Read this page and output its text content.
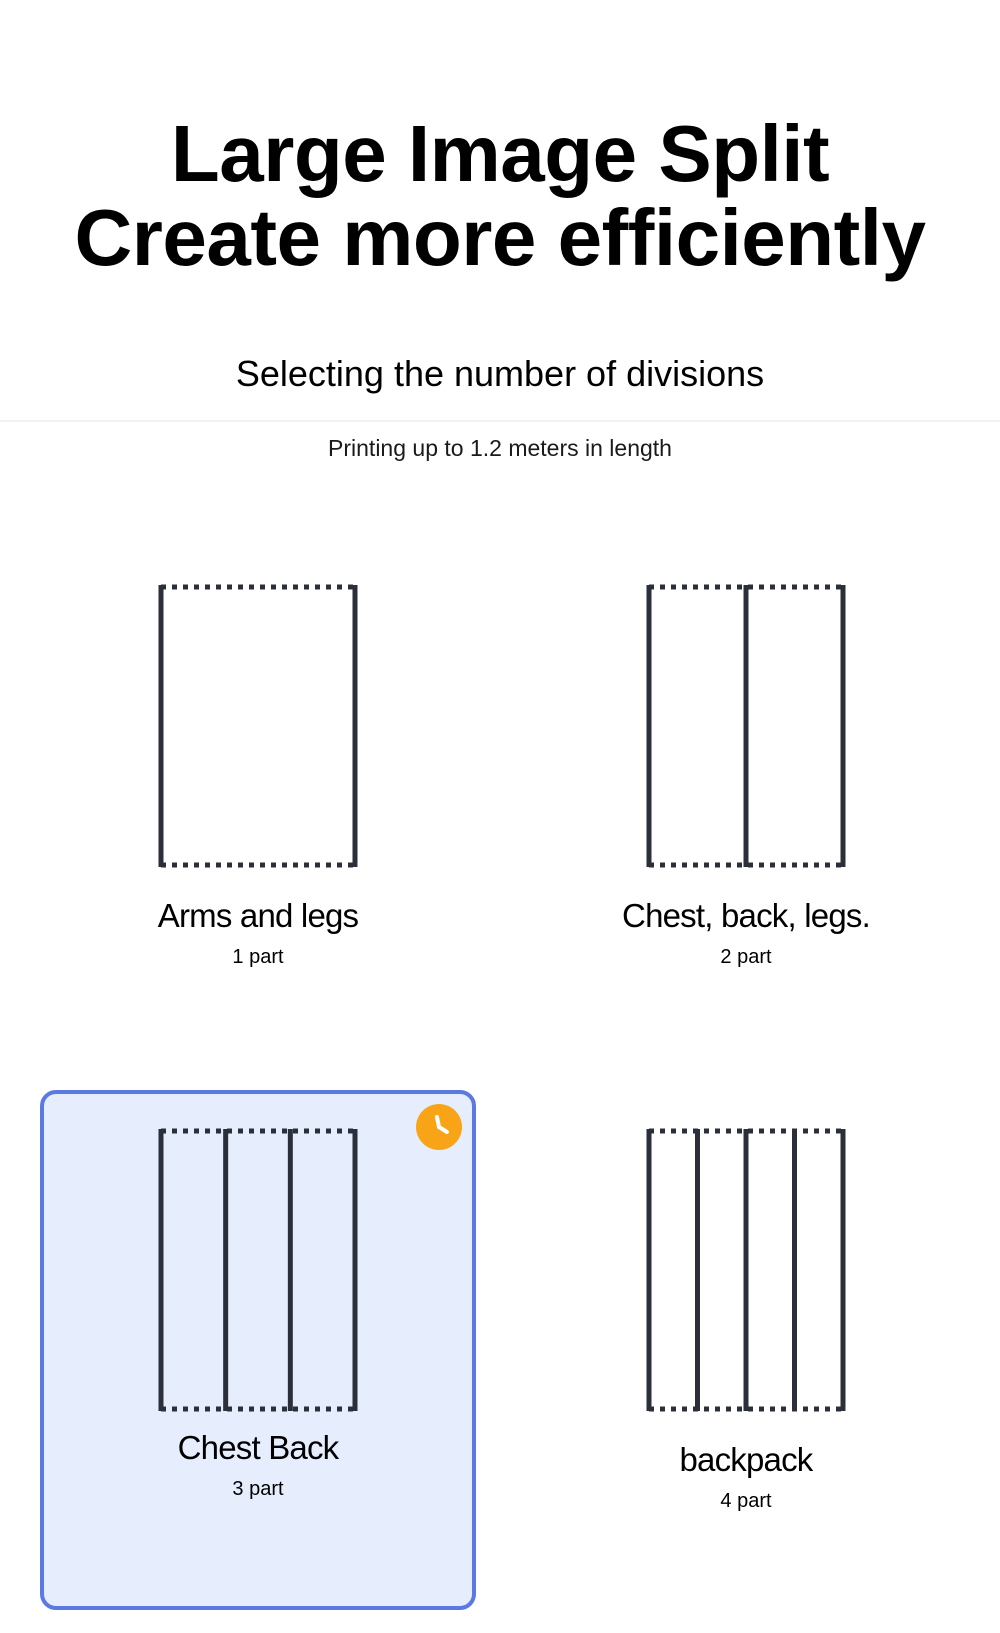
Large Image Split
Create more efficiently
Selecting the number of divisions
Printing up to 1.2 meters in length
Arms and legs
1 part
Chest, back, legs.
2 part
Chest Back
3 part
backpack
4 part
